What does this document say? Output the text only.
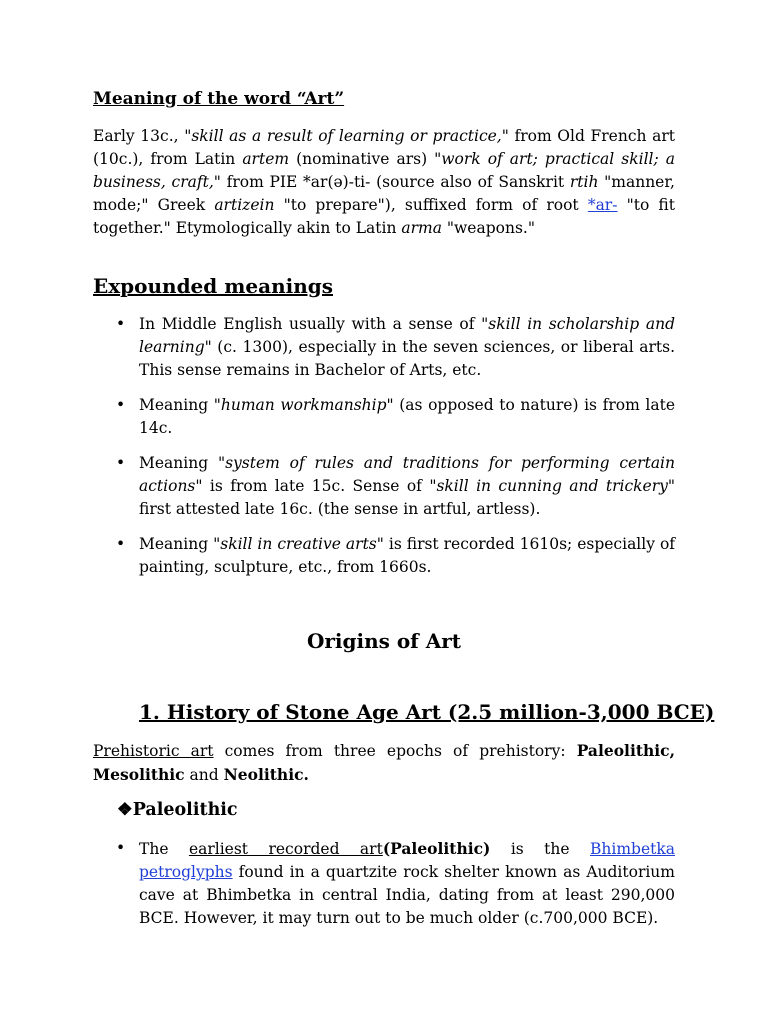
Meaning of the word “Art”

Early 13c., "skill as a result of learning or practice," from Old French art (10c.), from Latin artem (nominative ars) "work of art; practical skill; a business, craft," from PIE *ar(ə)-ti- (source also of Sanskrit rtih "manner, mode;" Greek artizein "to prepare"), suffixed form of root *ar- "to fit together." Etymologically akin to Latin arma "weapons."

Expounded meanings
• In Middle English usually with a sense of "skill in scholarship and learning" (c. 1300), especially in the seven sciences, or liberal arts. This sense remains in Bachelor of Arts, etc.
• Meaning "human workmanship" (as opposed to nature) is from late 14c.
• Meaning "system of rules and traditions for performing certain actions" is from late 15c. Sense of "skill in cunning and trickery" first attested late 16c. (the sense in artful, artless).
• Meaning "skill in creative arts" is first recorded 1610s; especially of painting, sculpture, etc., from 1660s.
Origins of Art
1. History of Stone Age Art (2.5 million-3,000 BCE)

Prehistoric art comes from three epochs of prehistory: Paleolithic, Mesolithic and Neolithic.

❖Paleolithic
• The earliest recorded art(Paleolithic) is the Bhimbetka petroglyphs found in a quartzite rock shelter known as Auditorium cave at Bhimbetka in central India, dating from at least 290,000 BCE. However, it may turn out to be much older (c.700,000 BCE).
